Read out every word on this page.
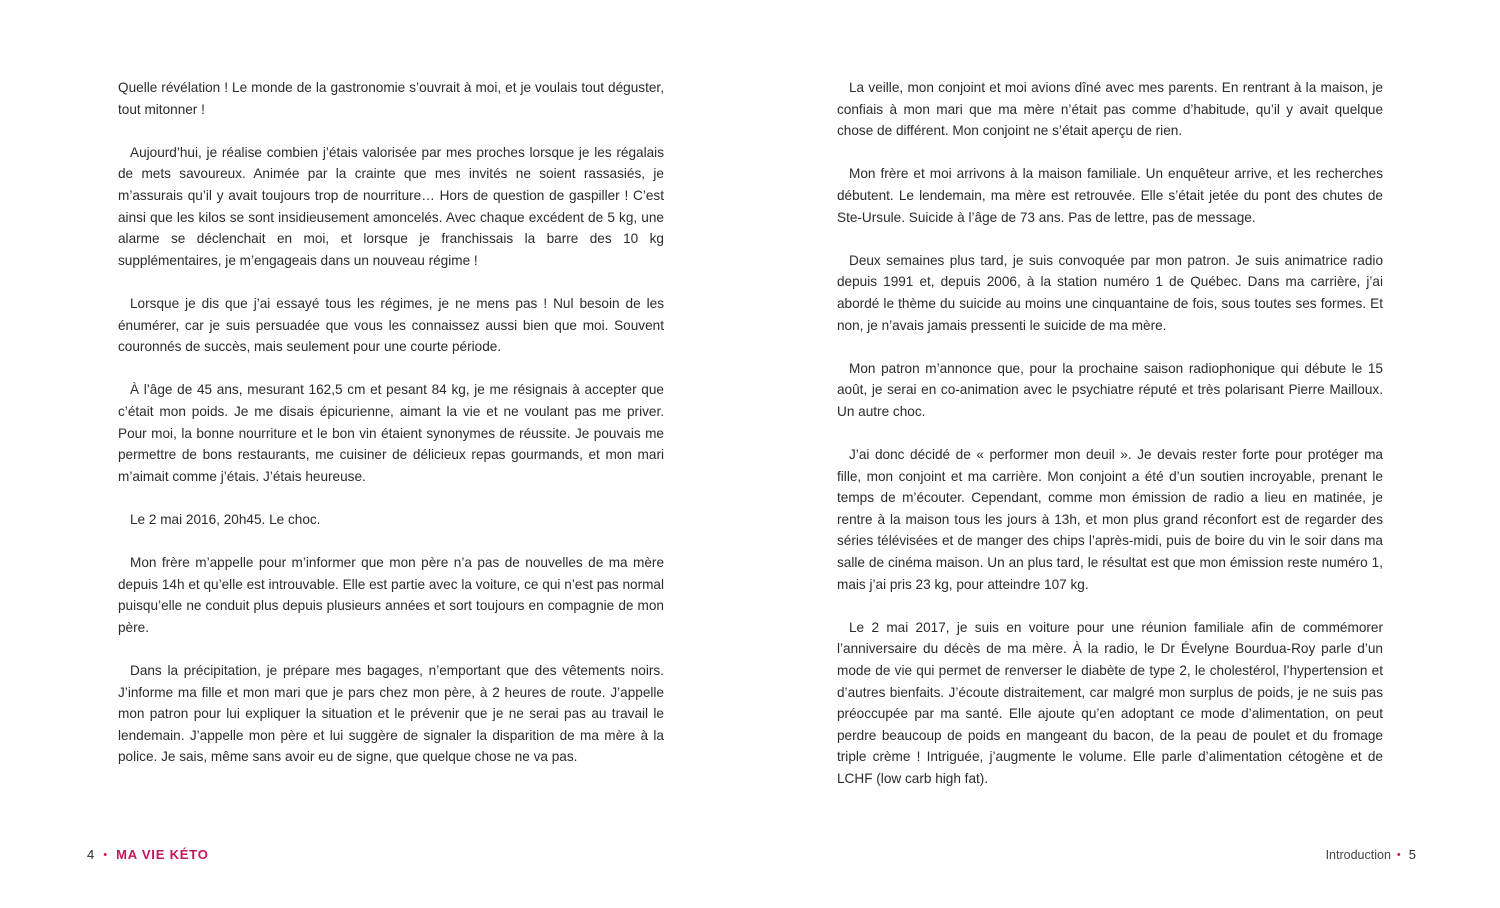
Quelle révélation ! Le monde de la gastronomie s’ouvrait à moi, et je voulais tout déguster, tout mitonner !

Aujourd’hui, je réalise combien j’étais valorisée par mes proches lorsque je les régalais de mets savoureux. Animée par la crainte que mes invités ne soient rassasiés, je m’assurais qu’il y avait toujours trop de nourriture… Hors de question de gaspiller ! C’est ainsi que les kilos se sont insidieusement amoncelés. Avec chaque excédent de 5 kg, une alarme se déclenchait en moi, et lorsque je franchissais la barre des 10 kg supplémentaires, je m’engageais dans un nouveau régime !

Lorsque je dis que j’ai essayé tous les régimes, je ne mens pas ! Nul besoin de les énumérer, car je suis persuadée que vous les connaissez aussi bien que moi. Souvent couronnés de succès, mais seulement pour une courte période.

À l’âge de 45 ans, mesurant 162,5 cm et pesant 84 kg, je me résignais à accepter que c’était mon poids. Je me disais épicurienne, aimant la vie et ne voulant pas me priver. Pour moi, la bonne nourriture et le bon vin étaient synonymes de réussite. Je pouvais me permettre de bons restaurants, me cuisiner de délicieux repas gourmands, et mon mari m’aimait comme j’étais. J’étais heureuse.

Le 2 mai 2016, 20h45. Le choc.

Mon frère m’appelle pour m’informer que mon père n’a pas de nouvelles de ma mère depuis 14h et qu’elle est introuvable. Elle est partie avec la voiture, ce qui n’est pas normal puisqu’elle ne conduit plus depuis plusieurs années et sort toujours en compagnie de mon père.

Dans la précipitation, je prépare mes bagages, n’emportant que des vêtements noirs. J’informe ma fille et mon mari que je pars chez mon père, à 2 heures de route. J’appelle mon patron pour lui expliquer la situation et le prévenir que je ne serai pas au travail le lendemain. J’appelle mon père et lui suggère de signaler la disparition de ma mère à la police. Je sais, même sans avoir eu de signe, que quelque chose ne va pas.

La veille, mon conjoint et moi avions dîné avec mes parents. En rentrant à la maison, je confiais à mon mari que ma mère n’était pas comme d’habitude, qu’il y avait quelque chose de différent. Mon conjoint ne s’était aperçu de rien.

Mon frère et moi arrivons à la maison familiale. Un enquêteur arrive, et les recherches débutent. Le lendemain, ma mère est retrouvée. Elle s’était jetée du pont des chutes de Ste-Ursule. Suicide à l’âge de 73 ans. Pas de lettre, pas de message.

Deux semaines plus tard, je suis convoquée par mon patron. Je suis animatrice radio depuis 1991 et, depuis 2006, à la station numéro 1 de Québec. Dans ma carrière, j’ai abordé le thème du suicide au moins une cinquantaine de fois, sous toutes ses formes. Et non, je n’avais jamais pressenti le suicide de ma mère.

Mon patron m’annonce que, pour la prochaine saison radiophonique qui débute le 15 août, je serai en co-animation avec le psychiatre réputé et très polarisant Pierre Mailloux. Un autre choc.

J’ai donc décidé de « performer mon deuil ». Je devais rester forte pour protéger ma fille, mon conjoint et ma carrière. Mon conjoint a été d’un soutien incroyable, prenant le temps de m’écouter. Cependant, comme mon émission de radio a lieu en matinée, je rentre à la maison tous les jours à 13h, et mon plus grand réconfort est de regarder des séries télévisées et de manger des chips l’après-midi, puis de boire du vin le soir dans ma salle de cinéma maison. Un an plus tard, le résultat est que mon émission reste numéro 1, mais j’ai pris 23 kg, pour atteindre 107 kg.

Le 2 mai 2017, je suis en voiture pour une réunion familiale afin de commémorer l’anniversaire du décès de ma mère. À la radio, le Dr Évelyne Bourdua-Roy parle d’un mode de vie qui permet de renverser le diabète de type 2, le cholestérol, l’hypertension et d’autres bienfaits. J’écoute distraitement, car malgré mon surplus de poids, je ne suis pas préoccupée par ma santé. Elle ajoute qu’en adoptant ce mode d’alimentation, on peut perdre beaucoup de poids en mangeant du bacon, de la peau de poulet et du fromage triple crème ! Intriguée, j’augmente le volume. Elle parle d’alimentation cétogène et de LCHF (low carb high fat).

4 • MA VIE KÉTO	Introduction • 5
